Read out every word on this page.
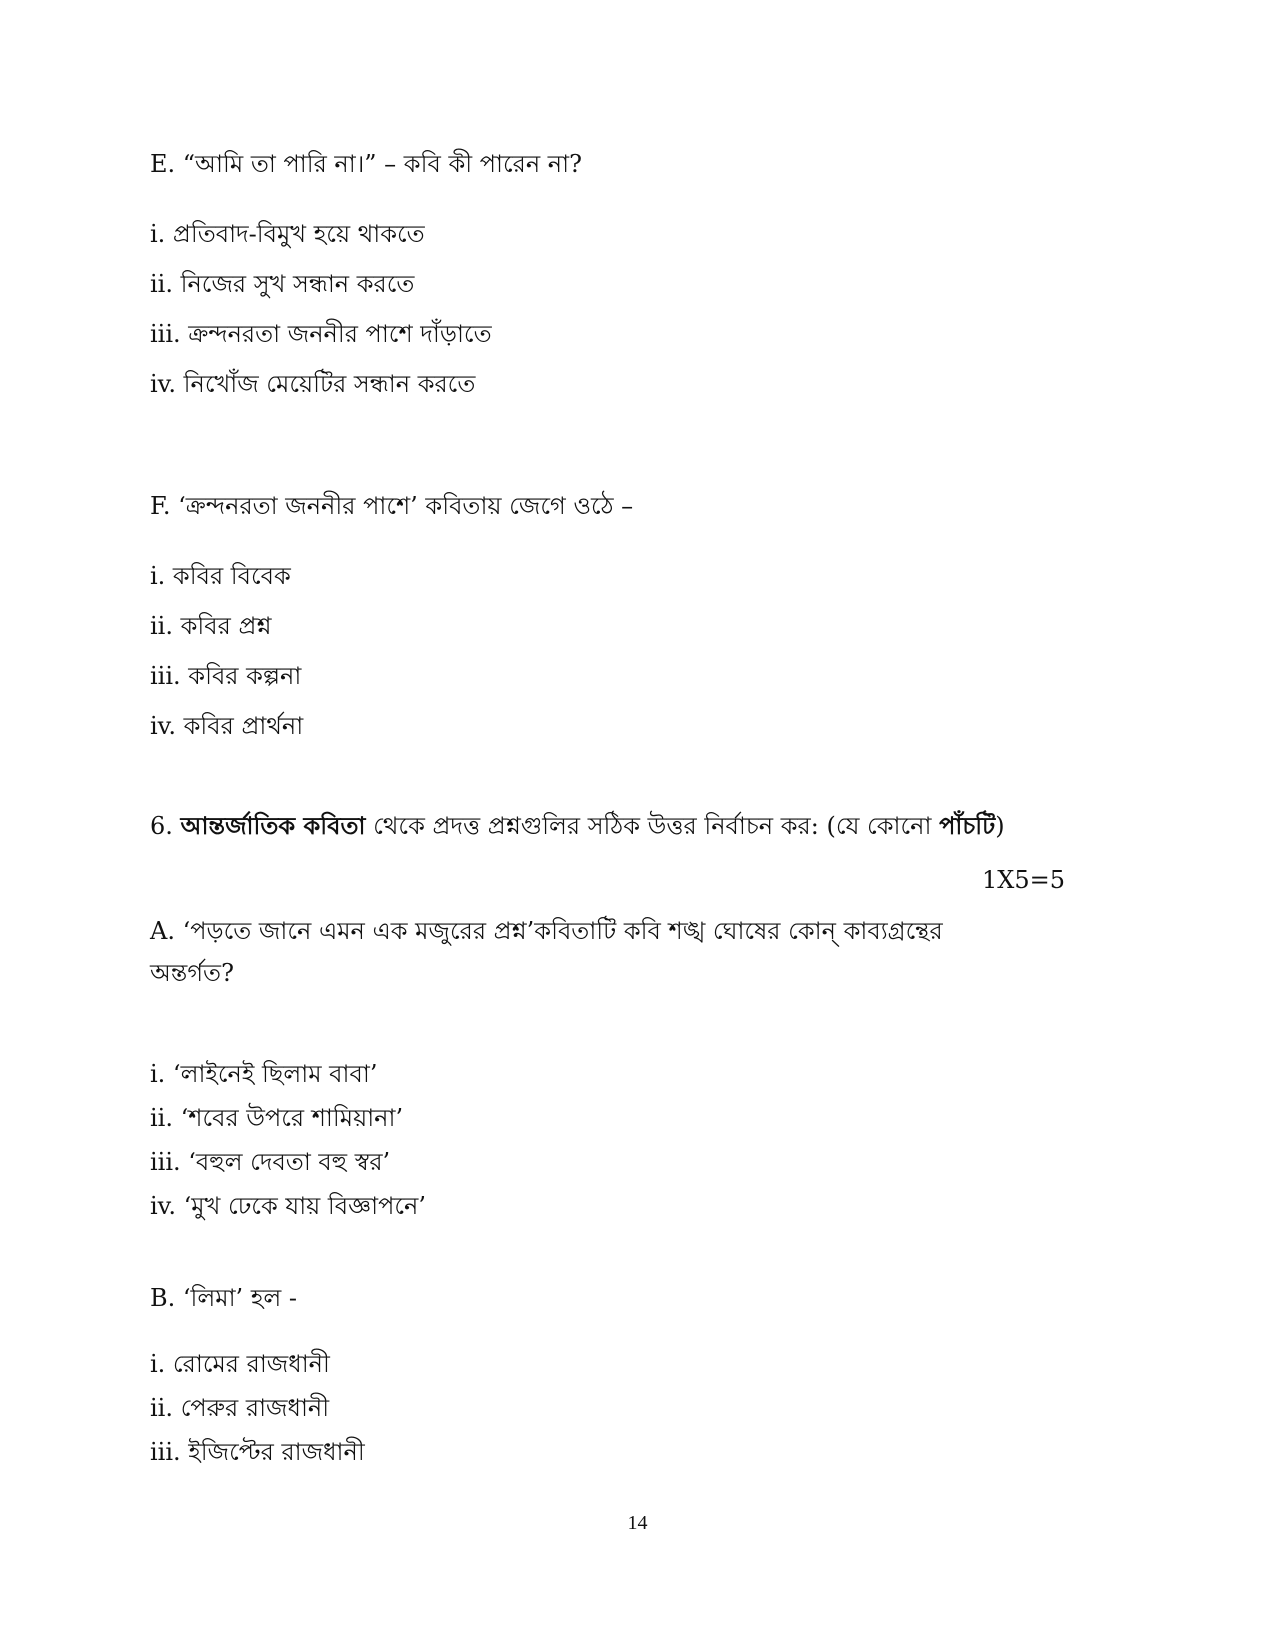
E. “আমি তা পারি না।” – কবি কী পারেন না?
i. প্রতিবাদ-বিমুখ হয়ে থাকতে
ii. নিজের সুখ সন্ধান করতে
iii. ক্রন্দনরতা জননীর পাশে দাঁড়াতে
iv. নিখোঁজ মেয়েটির সন্ধান করতে
F. ‘ক্রন্দনরতা জননীর পাশে’ কবিতায় জেগে ওঠে –
i. কবির বিবেক
ii. কবির প্রশ্ন
iii. কবির কল্পনা
iv. কবির প্রার্থনা
6. আন্তর্জাতিক কবিতা থেকে প্রদত্ত প্রশ্নগুলির সঠিক উত্তর নির্বাচন কর: (যে কোনো পাঁচটি)
1X5=5
A. ‘পড়তে জানে এমন এক মজুরের প্রশ্ন’কবিতাটি কবি শঙ্খ ঘোষের কোন্ কাব্যগ্রন্থের অন্তর্গত?
i. ‘লাইনেই ছিলাম বাবা’
ii. ‘শবের উপরে শামিয়ানা’
iii. ‘বহুল দেবতা বহু স্বর’
iv. ‘মুখ ঢেকে যায় বিজ্ঞাপনে’
B. ‘লিমা’ হল -
i. রোমের রাজধানী
ii. পেরুর রাজধানী
iii. ইজিপ্টের রাজধানী
14
